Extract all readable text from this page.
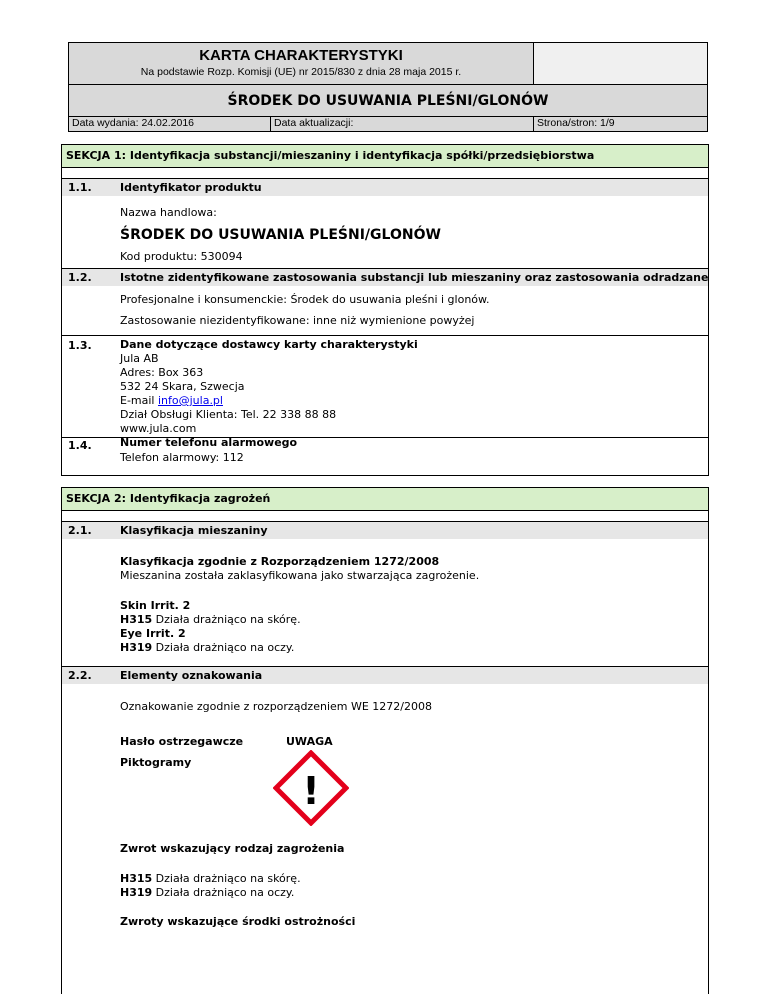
KARTA CHARAKTERYSTYKI
Na podstawie Rozp. Komisji (UE) nr 2015/830 z dnia 28 maja 2015 r.
ŚRODEK DO USUWANIA PLEŚNI/GLONÓW
Data wydania: 24.02.2016	Data aktualizacji:	Strona/stron: 1/9
SEKCJA 1: Identyfikacja substancji/mieszaniny i identyfikacja spółki/przedsiębiorstwa
1.1.	Identyfikator produktu
Nazwa handlowa:
ŚRODEK DO USUWANIA PLEŚNI/GLONÓW
Kod produktu: 530094
1.2.	Istotne zidentyfikowane zastosowania substancji lub mieszaniny oraz zastosowania odradzane
Profesjonalne i konsumenckie: Środek do usuwania pleśni i glonów.
Zastosowanie niezidentyfikowane: inne niż wymienione powyżej
1.3.	Dane dotyczące dostawcy karty charakterystyki
Jula AB
Adres: Box 363
532 24 Skara, Szwecja
E-mail info@jula.pl
Dział Obsługi Klienta: Tel. 22 338 88 88
www.jula.com
1.4.	Numer telefonu alarmowego
Telefon alarmowy: 112
SEKCJA 2: Identyfikacja zagrożeń
2.1.	Klasyfikacja mieszaniny
Klasyfikacja zgodnie z Rozporządzeniem 1272/2008
Mieszanina została zaklasyfikowana jako stwarzająca zagrożenie.
Skin Irrit. 2
H315 Działa drażniąco na skórę.
Eye Irrit. 2
H319 Działa drażniąco na oczy.
2.2.	Elementy oznakowania
Oznakowanie zgodnie z rozporządzeniem WE 1272/2008
Hasło ostrzegawcze	UWAGA
Piktogramy
!
Zwrot wskazujący rodzaj zagrożenia
H315 Działa drażniąco na skórę.
H319 Działa drażniąco na oczy.
Zwroty wskazujące środki ostrożności
